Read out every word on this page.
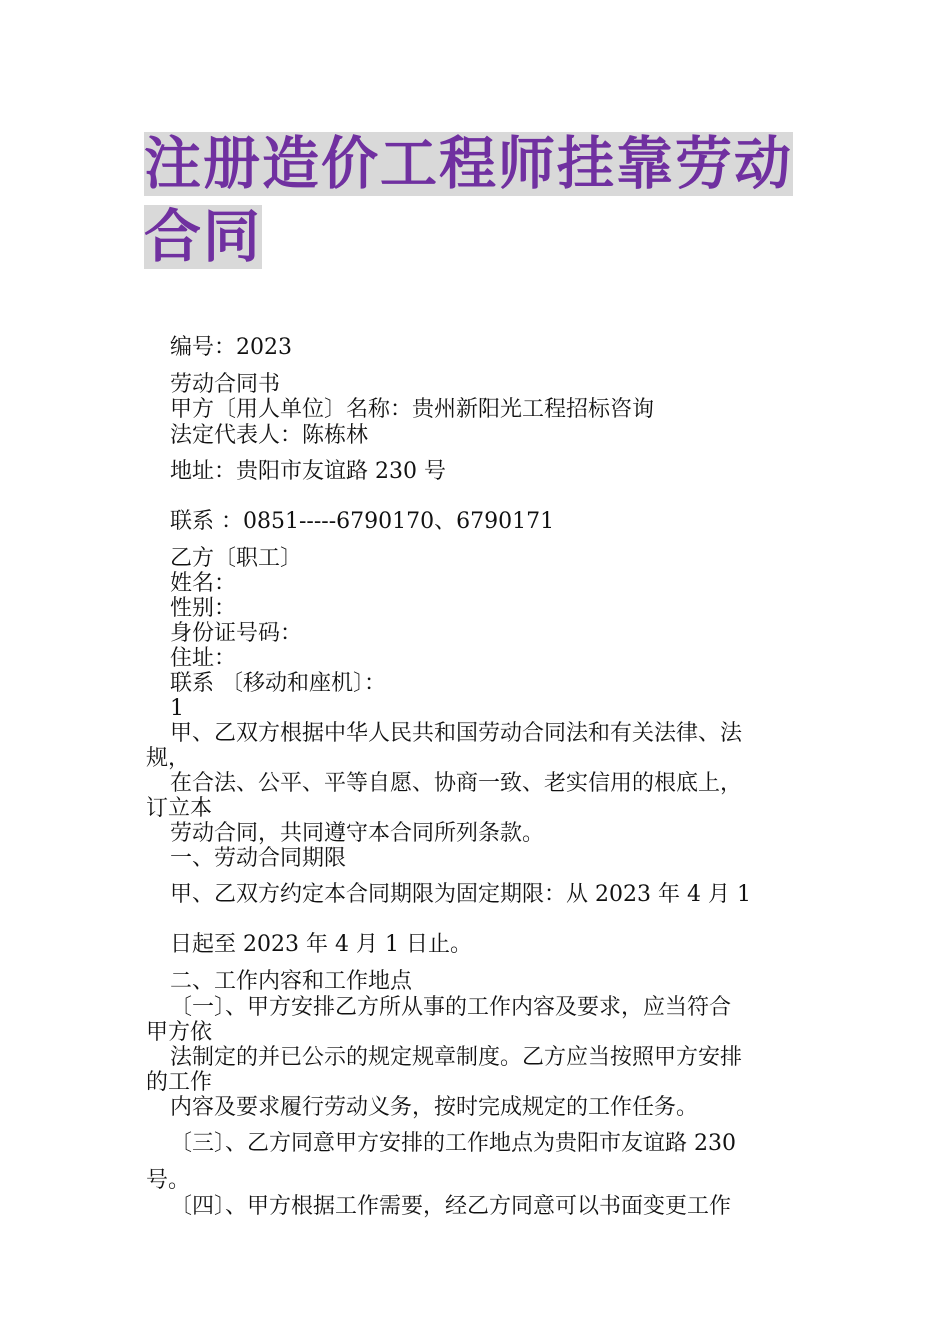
注册造价工程师挂靠劳动
合同
编号：2023
劳动合同书
甲方〔用人单位〕名称：贵州新阳光工程招标咨询
法定代表人：陈栋林
地址：贵阳市友谊路 230 号
联系 ：0851-----6790170、6790171
乙方〔职工〕
姓名：
性别：
身份证号码：
住址：
联系 〔移动和座机〕：
1
甲、乙双方根据中华人民共和国劳动合同法和有关法律、法
规，
在合法、公平、平等自愿、协商一致、老实信用的根底上，
订立本
劳动合同，共同遵守本合同所列条款。
一、劳动合同期限
甲、乙双方约定本合同期限为固定期限：从 2023 年 4 月 1
日起至 2023 年 4 月 1 日止。
二、工作内容和工作地点
〔一〕、甲方安排乙方所从事的工作内容及要求，应当符合
甲方依
法制定的并已公示的规定规章制度。乙方应当按照甲方安排
的工作
内容及要求履行劳动义务，按时完成规定的工作任务。
〔三〕、乙方同意甲方安排的工作地点为贵阳市友谊路 230
号。
〔四〕、甲方根据工作需要，经乙方同意可以书面变更工作
